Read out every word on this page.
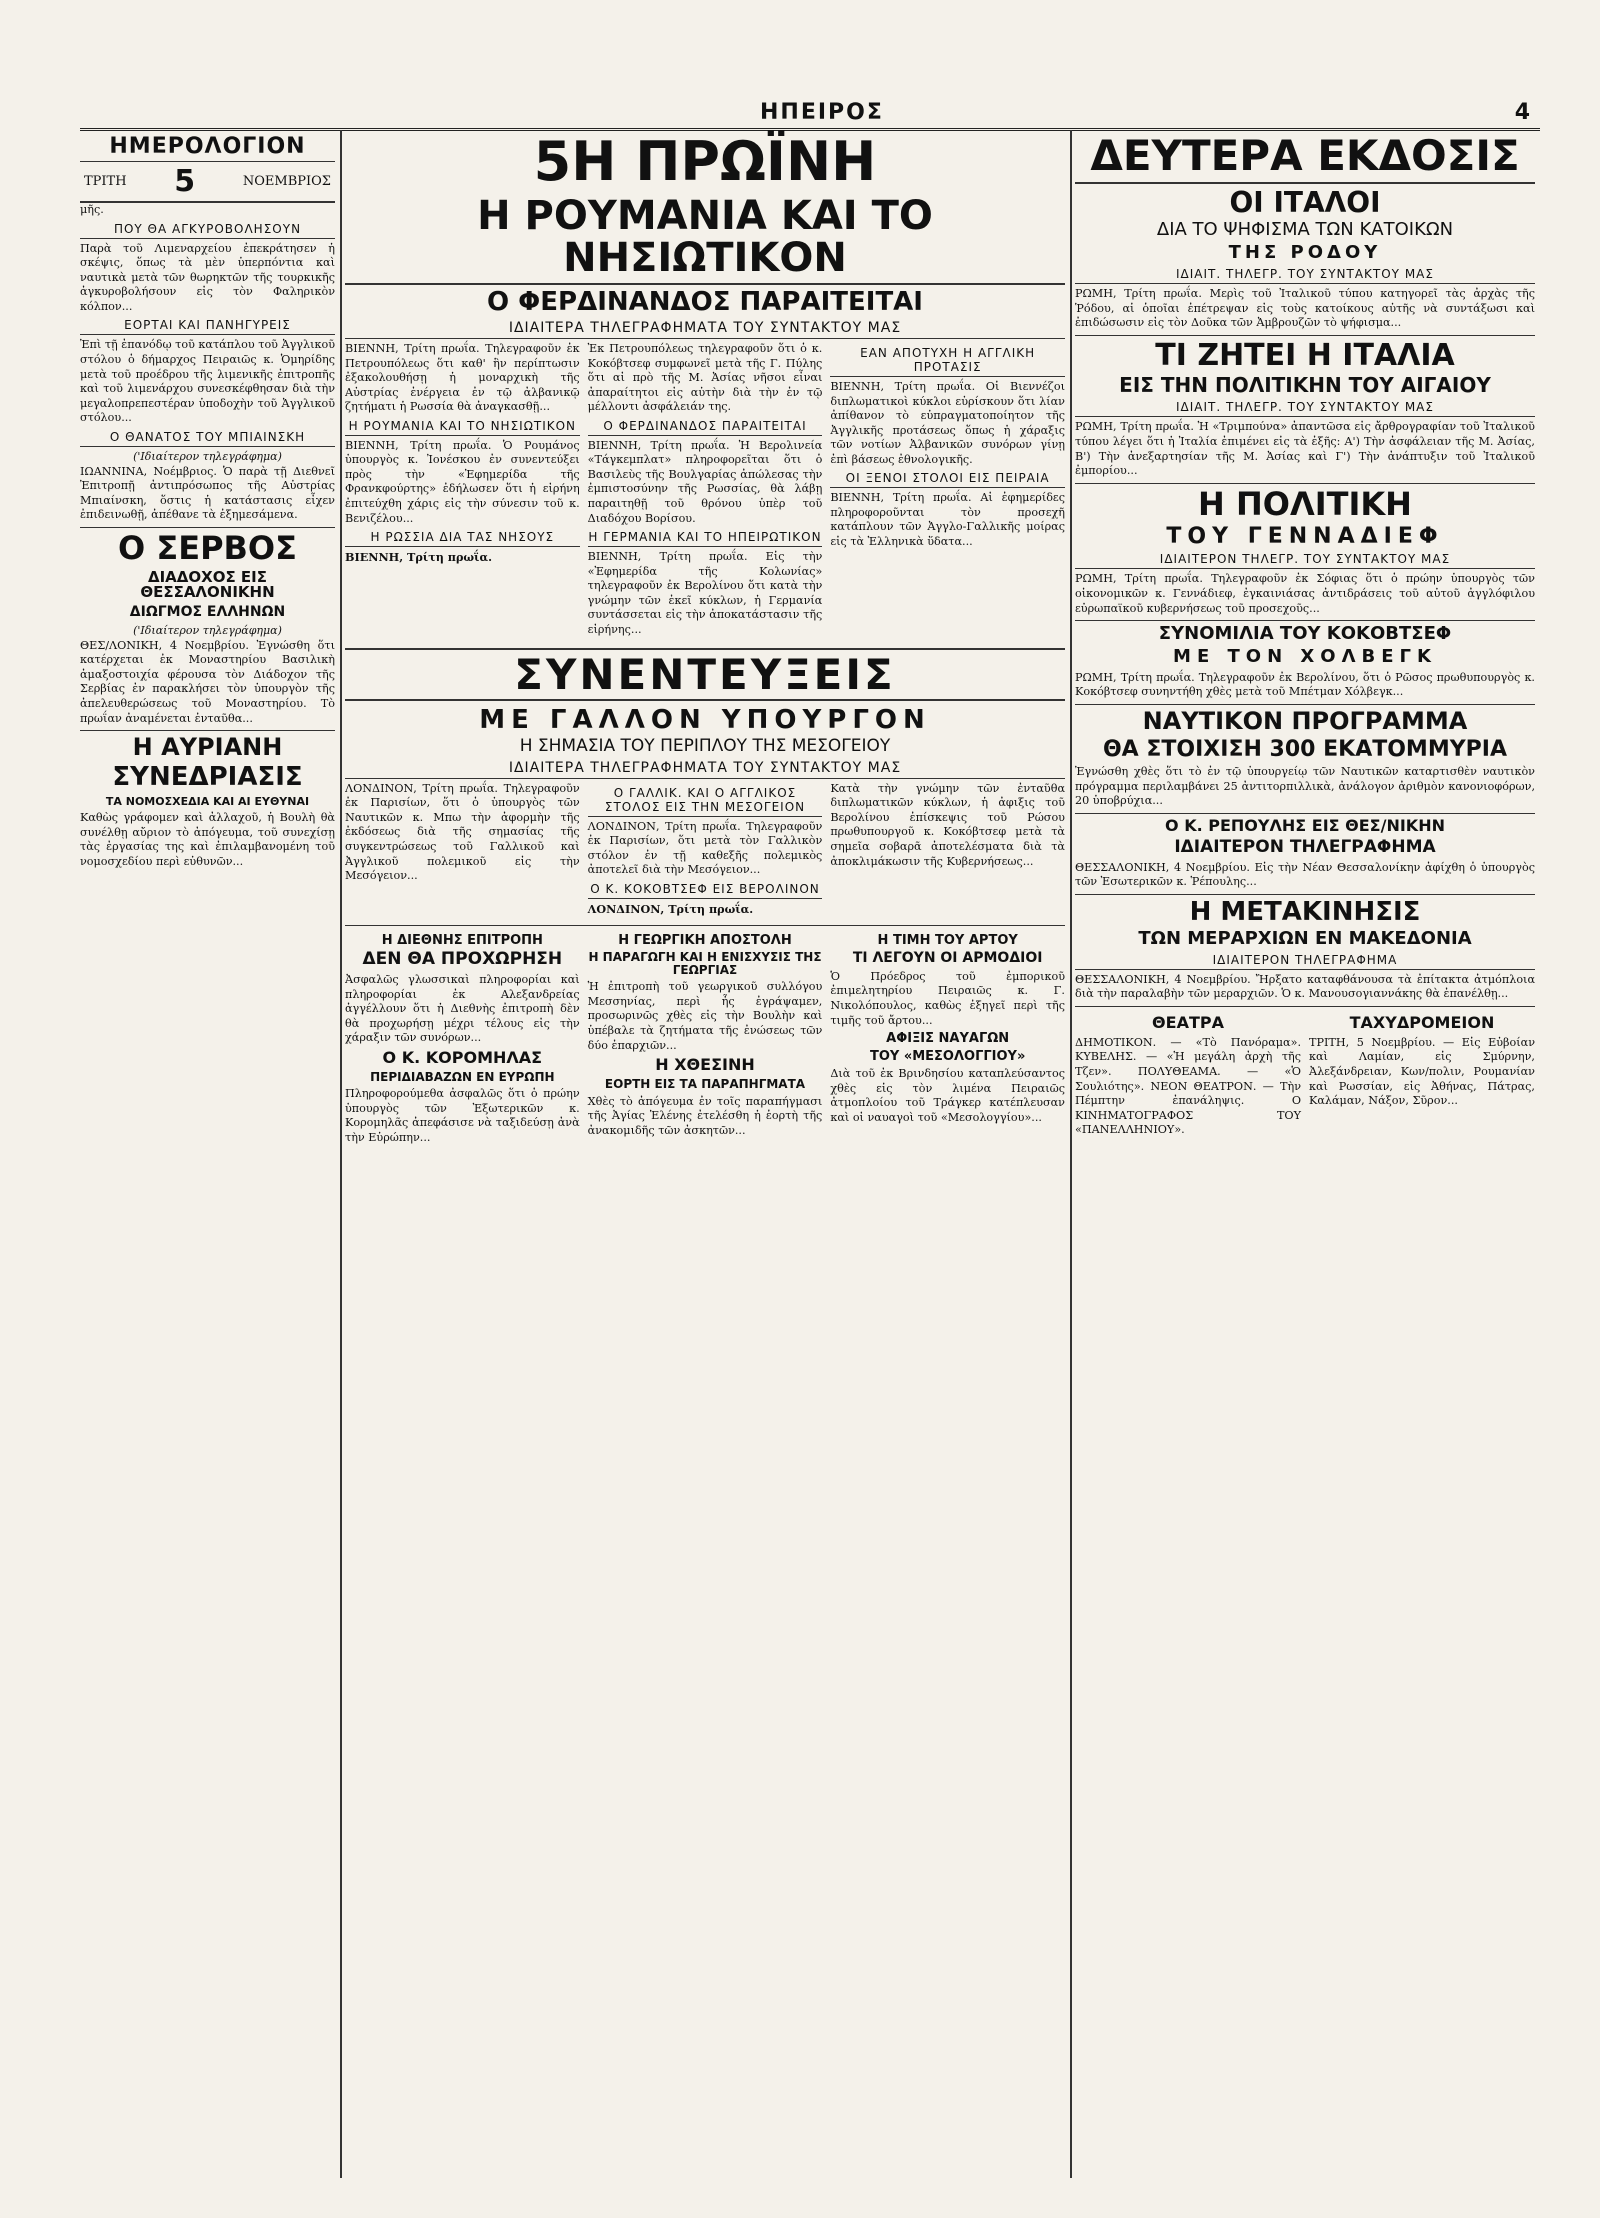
ΗΠΕΙΡΟΣ	4
ΗΜΕΡΟΛΟΓΙΟΝ
ΤΡΙΤΗ 5	ΝΟΕΜΒΡΙΟΣ

μῆς.

ΠΟΥ ΘΑ ΑΓΚΥΡΟΒΟΛΗΣΟΥΝ

Παρὰ τοῦ Λιμεναρχείου ἐπεκράτησεν ἡ σκέψις, ὅπως τὰ μὲν ὑπερπόντια καὶ ναυτικὰ μετὰ τῶν θωρηκτῶν τῆς τουρκικῆς ἀγκυροβολήσουν εἰς τὸν Φαληρικὸν κόλπον...

ΕΟΡΤΑΙ ΚΑΙ ΠΑΝΗΓΥΡΕΙΣ

Ἐπὶ τῇ ἐπανόδῳ τοῦ κατάπλου τοῦ Ἀγγλικοῦ στόλου ὁ δήμαρχος Πειραιῶς κ. Ὁμηρίδης μετὰ τοῦ προέδρου τῆς λιμενικῆς ἐπιτροπῆς καὶ τοῦ λιμενάρχου συνεσκέφθησαν διὰ τὴν μεγαλοπρεπεστέραν ὑποδοχὴν τοῦ Ἀγγλικοῦ στόλου...

Ο ΘΑΝΑΤΟΣ ΤΟΥ ΜΠΙΑΙΝΣΚΗ
('Ιδιαίτερον τηλεγράφημα)

ΙΩΑΝΝΙΝΑ, Νοέμβριος. Ὁ παρὰ τῇ Διεθνεῖ Ἐπιτροπῇ ἀντιπρόσωπος τῆς Αὐστρίας Μπιαίνσκη, ὅστις ἡ κατάστασις εἶχεν ἐπιδεινωθῇ, ἀπέθανε τὰ ἐξημεσάμενα.

Ο ΣΕΡΒΟΣ
ΔΙΑΔΟΧΟΣ ΕΙΣ ΘΕΣΣΑΛΟΝΙΚΗΝ
ΔΙΩΓΜΟΣ ΕΛΛΗΝΩΝ
('Ιδιαίτερον τηλεγράφημα)

ΘΕΣ/ΛΟΝΙΚΗ, 4 Νοεμβρίου. Ἐγνώσθη ὅτι κατέρχεται ἐκ Μοναστηρίου Βασιλικὴ ἀμαξοστοιχία φέρουσα τὸν Διάδοχον τῆς Σερβίας ἐν παρακλήσει τὸν ὑπουργὸν τῆς ἀπελευθερώσεως τοῦ Μοναστηρίου. Τὸ πρωΐαν ἀναμένεται ἐνταῦθα...

Η ΑΥΡΙΑΝΗ
ΣΥΝΕΔΡΙΑΣΙΣ
ΤΑ ΝΟΜΟΣΧΕΔΙΑ ΚΑΙ ΑΙ ΕΥΘΥΝΑΙ

Καθὼς γράφομεν καὶ ἀλλαχοῦ, ἡ Βουλὴ θὰ συνέλθῃ αὔριον τὸ ἀπόγευμα, τοῦ συνεχίσῃ τὰς ἐργασίας της καὶ ἐπιλαμβανομένη τοῦ νομοσχεδίου περὶ εὐθυνῶν...

5Η ΠΡΩΪΝΗ
Η ΡΟΥΜΑΝΙΑ ΚΑΙ ΤΟ ΝΗΣΙΩΤΙΚΟΝ
Ο ΦΕΡΔΙΝΑΝΔΟΣ ΠΑΡΑΙΤΕΙΤΑΙ
ΙΔΙΑΙΤΕΡΑ ΤΗΛΕΓΡΑΦΗΜΑΤΑ ΤΟΥ ΣΥΝΤΑΚΤΟΥ ΜΑΣ

ΒΙΕΝΝΗ, Τρίτη πρωΐα. Τηλεγραφοῦν ἐκ Πετρουπόλεως ὅτι καθ' ἣν περίπτωσιν ἐξακολουθήσῃ ἡ μοναρχικὴ τῆς Αὐστρίας ἐνέργεια ἐν τῷ ἀλβανικῷ ζητήματι ἡ Ρωσσία θὰ ἀναγκασθῇ...

Η ΡΟΥΜΑΝΙΑ ΚΑΙ ΤΟ ΝΗΣΙΩΤΙΚΟΝ

ΒΙΕΝΝΗ, Τρίτη πρωΐα. Ὁ Ρουμάνος ὑπουργὸς κ. Ἰονέσκου ἐν συνεντεύξει πρὸς τὴν «Ἐφημερίδα τῆς Φρανκφούρτης» ἐδήλωσεν ὅτι ἡ εἰρήνη ἐπιτεύχθη χάρις εἰς τὴν σύνεσιν τοῦ κ. Βενιζέλου...

Η ΡΩΣΣΙΑ ΔΙΑ ΤΑΣ ΝΗΣΟΥΣ

ΒΙΕΝΝΗ, Τρίτη πρωΐα.

Ἐκ Πετρουπόλεως τηλεγραφοῦν ὅτι ὁ κ. Κοκόβτσεφ συμφωνεῖ μετὰ τῆς Γ. Πύλης ὅτι αἱ πρὸ τῆς Μ. Ἀσίας νῆσοι εἶναι ἀπαραίτητοι εἰς αὐτὴν διὰ τὴν ἐν τῷ μέλλοντι ἀσφάλειάν της.

Ο ΦΕΡΔΙΝΑΝΔΟΣ ΠΑΡΑΙΤΕΙΤΑΙ

ΒΙΕΝΝΗ, Τρίτη πρωΐα. Ἡ Βερολινεία «Τάγκεμπλατ» πληροφορεῖται ὅτι ὁ Βασιλεὺς τῆς Βουλγαρίας ἀπώλεσας τὴν ἐμπιστοσύνην τῆς Ρωσσίας, θὰ λάβῃ παραιτηθῇ τοῦ θρόνου ὑπὲρ τοῦ Διαδόχου Βορίσου.

Η ΓΕΡΜΑΝΙΑ ΚΑΙ ΤΟ ΗΠΕΙΡΩΤΙΚΟΝ

ΒΙΕΝΝΗ, Τρίτη πρωΐα. Εἰς τὴν «Ἐφημερίδα τῆς Κολωνίας» τηλεγραφοῦν ἐκ Βερολίνου ὅτι κατὰ τὴν γνώμην τῶν ἐκεῖ κύκλων, ἡ Γερμανία συντάσσεται εἰς τὴν ἀποκατάστασιν τῆς εἰρήνης...

ΕΑΝ ΑΠΟΤΥΧΗ Η ΑΓΓΛΙΚΗ ΠΡΟΤΑΣΙΣ

ΒΙΕΝΝΗ, Τρίτη πρωΐα. Οἱ Βιεννέζοι διπλωματικοὶ κύκλοι εὑρίσκουν ὅτι λίαν ἀπίθανον τὸ εὐπραγματοποίητον τῆς Ἀγγλικῆς προτάσεως ὅπως ἡ χάραξις τῶν νοτίων Ἀλβανικῶν συνόρων γίνῃ ἐπὶ βάσεως ἐθνολογικῆς.

ΟΙ ΞΕΝΟΙ ΣΤΟΛΟΙ ΕΙΣ ΠΕΙΡΑΙΑ

ΒΙΕΝΝΗ, Τρίτη πρωΐα. Αἱ ἐφημερίδες πληροφοροῦνται τὸν προσεχῆ κατάπλουν τῶν Ἀγγλο-Γαλλικῆς μοίρας εἰς τὰ Ἑλληνικὰ ὕδατα...

ΣΥΝΕΝΤΕΥΞΕΙΣ
ΜΕ ΓΑΛΛΟΝ ΥΠΟΥΡΓΟΝ
Η ΣΗΜΑΣΙΑ ΤΟΥ ΠΕΡΙΠΛΟΥ ΤΗΣ ΜΕΣΟΓΕΙΟΥ
ΙΔΙΑΙΤΕΡΑ ΤΗΛΕΓΡΑΦΗΜΑΤΑ ΤΟΥ ΣΥΝΤΑΚΤΟΥ ΜΑΣ

ΛΟΝΔΙΝΟΝ, Τρίτη πρωΐα. Τηλεγραφοῦν ἐκ Παρισίων, ὅτι ὁ ὑπουργὸς τῶν Ναυτικῶν κ. Μπω τὴν ἀφορμὴν τῆς ἐκδόσεως διὰ τῆς σημασίας τῆς συγκεντρώσεως τοῦ Γαλλικοῦ καὶ Ἀγγλικοῦ πολεμικοῦ εἰς τὴν Μεσόγειον...

Ο ΓΑΛΛΙΚ. ΚΑΙ Ο ΑΓΓΛΙΚΟΣ ΣΤΟΛΟΣ ΕΙΣ ΤΗΝ ΜΕΣΟΓΕΙΟΝ

ΛΟΝΔΙΝΟΝ, Τρίτη πρωΐα. Τηλεγραφοῦν ἐκ Παρισίων, ὅτι μετὰ τὸν Γαλλικὸν στόλον ἐν τῇ καθεξῆς πολεμικὸς ἀποτελεῖ διὰ τὴν Μεσόγειον...

Ο Κ. ΚΟΚΟΒΤΣΕΦ ΕΙΣ ΒΕΡΟΛΙΝΟΝ

ΛΟΝΔΙΝΟΝ, Τρίτη πρωΐα.

Κατὰ τὴν γνώμην τῶν ἐνταῦθα διπλωματικῶν κύκλων, ἡ ἀφιξις τοῦ Βερολίνου ἐπίσκεψις τοῦ Ρώσου πρωθυπουργοῦ κ. Κοκόβτσεφ μετὰ τὰ σημεῖα σοβαρᾶ ἀποτελέσματα διὰ τὰ ἀποκλιμάκωσιν τῆς Κυβερνήσεως...

Η ΔΙΕΘΝΗΣ ΕΠΙΤΡΟΠΗ
ΔΕΝ ΘΑ ΠΡΟΧΩΡΗΣΗ

Ἀσφαλῶς γλωσσικαὶ πληροφορίαι καὶ πληροφορίαι ἐκ Αλεξανδρείας ἀγγέλλουν ὅτι ἡ Διεθνὴς ἐπιτροπὴ δὲν θὰ προχωρήσῃ μέχρι τέλους εἰς τὴν χάραξιν τῶν συνόρων...

Ο Κ. ΚΟΡΟΜΗΛΑΣ
ΠΕΡΙΔΙΑΒΑΖΩΝ ΕΝ ΕΥΡΩΠΗ

Πληροφορούμεθα ἀσφαλῶς ὅτι ὁ πρώην ὑπουργὸς τῶν Ἐξωτερικῶν κ. Κορομηλᾶς ἀπεφάσισε νὰ ταξιδεύσῃ ἀνὰ τὴν Εὐρώπην...

Η ΓΕΩΡΓΙΚΗ ΑΠΟΣΤΟΛΗ
Η ΠΑΡΑΓΩΓΗ ΚΑΙ Η ΕΝΙΣΧΥΣΙΣ ΤΗΣ ΓΕΩΡΓΙΑΣ

Ἡ ἐπιτροπὴ τοῦ γεωργικοῦ συλλόγου Μεσσηνίας, περὶ ἧς ἐγράψαμεν, προσωρινῶς χθὲς εἰς τὴν Βουλὴν καὶ ὑπέβαλε τὰ ζητήματα τῆς ἐνώσεως τῶν δύο ἐπαρχιῶν...

Η ΧΘΕΣΙΝΗ
ΕΟΡΤΗ ΕΙΣ ΤΑ ΠΑΡΑΠΗΓΜΑΤΑ

Χθὲς τὸ ἀπόγευμα ἐν τοῖς παραπήγμασι τῆς Ἀγίας Ἑλένης ἐτελέσθη ἡ ἑορτὴ τῆς ἀνακομιδῆς τῶν ἀσκητῶν...

Η ΤΙΜΗ ΤΟΥ ΑΡΤΟΥ
ΤΙ ΛΕΓΟΥΝ ΟΙ ΑΡΜΟΔΙΟΙ

Ὁ Πρόεδρος τοῦ ἐμπορικοῦ ἐπιμελητηρίου Πειραιῶς κ. Γ. Νικολόπουλος, καθὼς ἐξηγεῖ περὶ τῆς τιμῆς τοῦ ἄρτου...

ΑΦΙΞΙΣ ΝΑΥΑΓΩΝ
ΤΟΥ «ΜΕΣΟΛΟΓΓΙΟΥ»

Διὰ τοῦ ἐκ Βρινδησίου καταπλεύσαντος χθὲς εἰς τὸν λιμένα Πειραιῶς ἀτμοπλοίου τοῦ Τράγκερ κατέπλευσαν καὶ οἱ ναυαγοὶ τοῦ «Μεσολογγίου»...

ΔΕΥΤΕΡΑ ΕΚΔΟΣΙΣ
ΟΙ ΙΤΑΛΟΙ
ΔΙΑ ΤΟ ΨΗΦΙΣΜΑ ΤΩΝ ΚΑΤΟΙΚΩΝ
ΤΗΣ ΡΟΔΟΥ
ΙΔΙΑΙΤ. ΤΗΛΕΓΡ. ΤΟΥ ΣΥΝΤΑΚΤΟΥ ΜΑΣ

ΡΩΜΗ, Τρίτη πρωΐα. Μερὶς τοῦ Ἰταλικοῦ τύπου κατηγορεῖ τὰς ἀρχὰς τῆς Ῥόδου, αἱ ὁποῖαι ἐπέτρεψαν εἰς τοὺς κατοίκους αὐτῆς νὰ συντάξωσι καὶ ἐπιδώσωσιν εἰς τὸν Δοῦκα τῶν Ἀμβρουζῶν τὸ ψήφισμα...

ΤΙ ΖΗΤΕΙ Η ΙΤΑΛΙΑ
ΕΙΣ ΤΗΝ ΠΟΛΙΤΙΚΗΝ ΤΟΥ ΑΙΓΑΙΟΥ
ΙΔΙΑΙΤ. ΤΗΛΕΓΡ. ΤΟΥ ΣΥΝΤΑΚΤΟΥ ΜΑΣ

ΡΩΜΗ, Τρίτη πρωΐα. Ἡ «Τριμπούνα» ἀπαντῶσα εἰς ἄρθρογραφίαν τοῦ Ἰταλικοῦ τύπου λέγει ὅτι ἡ Ἰταλία ἐπιμένει εἰς τὰ ἐξῆς: Α') Τὴν ἀσφάλειαν τῆς Μ. Ἀσίας, Β') Τὴν ἀνεξαρτησίαν τῆς Μ. Ἀσίας καὶ Γ') Τὴν ἀνάπτυξιν τοῦ Ἰταλικοῦ ἐμπορίου...

Η ΠΟΛΙΤΙΚΗ
ΤΟΥ ΓΕΝΝΑΔΙΕΦ
ΙΔΙΑΙΤΕΡΟΝ ΤΗΛΕΓΡ. ΤΟΥ ΣΥΝΤΑΚΤΟΥ ΜΑΣ

ΡΩΜΗ, Τρίτη πρωΐα. Τηλεγραφοῦν ἐκ Σόφιας ὅτι ὁ πρώην ὑπουργὸς τῶν οἰκονομικῶν κ. Γεννάδιεφ, ἐγκαινιάσας ἀντιδράσεις τοῦ αὐτοῦ ἀγγλόφιλου εὐρωπαϊκοῦ κυβερνήσεως τοῦ προσεχοῦς...

ΣΥΝΟΜΙΛΙΑ ΤΟΥ ΚΟΚΟΒΤΣΕΦ
ΜΕ ΤΟΝ ΧΟΛΒΕΓΚ

ΡΩΜΗ, Τρίτη πρωΐα. Τηλεγραφοῦν ἐκ Βερολίνου, ὅτι ὁ Ρῶσος πρωθυπουργὸς κ. Κοκόβτσεφ συνηντήθη χθὲς μετὰ τοῦ Μπέτμαν Χόλβεγκ...

ΝΑΥΤΙΚΟΝ ΠΡΟΓΡΑΜΜΑ
ΘΑ ΣΤΟΙΧΙΣΗ 300 ΕΚΑΤΟΜΜΥΡΙΑ

Ἐγνώσθη χθὲς ὅτι τὸ ἐν τῷ ὑπουργείῳ τῶν Ναυτικῶν καταρτισθὲν ναυτικὸν πρόγραμμα περιλαμβάνει 25 ἀντιτορπιλλικὰ, ἀνάλογον ἀριθμὸν κανονιοφόρων, 20 ὑποβρύχια...

Ο Κ. ΡΕΠΟΥΛΗΣ ΕΙΣ ΘΕΣ/ΝΙΚΗΝ
ΙΔΙΑΙΤΕΡΟΝ ΤΗΛΕΓΡΑΦΗΜΑ

ΘΕΣΣΑΛΟΝΙΚΗ, 4 Νοεμβρίου. Εἰς τὴν Νέαν Θεσσαλονίκην ἀφίχθη ὁ ὑπουργὸς τῶν Ἐσωτερικῶν κ. Ῥέπουλης...

Η ΜΕΤΑΚΙΝΗΣΙΣ
ΤΩΝ ΜΕΡΑΡΧΙΩΝ ΕΝ ΜΑΚΕΔΟΝΙΑ
ΙΔΙΑΙΤΕΡΟΝ ΤΗΛΕΓΡΑΦΗΜΑ

ΘΕΣΣΑΛΟΝΙΚΗ, 4 Νοεμβρίου. Ἤρξατο καταφθάνουσα τὰ ἐπίτακτα ἀτμόπλοια διὰ τὴν παραλαβὴν τῶν μεραρχιῶν. Ὁ κ. Μανουσογιαννάκης θὰ ἐπανέλθῃ...

ΘΕΑΤΡΑ

ΔΗΜΟΤΙΚΟΝ. — «Τὸ Πανόραμα». ΚΥΒΕΛΗΣ. — «Ἡ μεγάλη ἀρχὴ τῆς Τζεν». ΠΟΛΥΘΕΑΜΑ. — «Ὁ Σουλιότης». ΝΕΟΝ ΘΕΑΤΡΟΝ. — Τὴν Πέμπτην ἐπανάληψις. Ο ΚΙΝΗΜΑΤΟΓΡΑΦΟΣ ΤΟΥ «ΠΑΝΕΛΛΗΝΙΟΥ».

ΤΑΧΥΔΡΟΜΕΙΟΝ

ΤΡΙΤΗ, 5 Νοεμβρίου. — Εἰς Εὐβοίαν καὶ Λαμίαν, εἰς Σμύρνην, Ἀλεξάνδρειαν, Κων/πολιν, Ρουμανίαν καὶ Ρωσσίαν, εἰς Ἀθήνας, Πάτρας, Καλάμαν, Νάξον, Σῦρον...
